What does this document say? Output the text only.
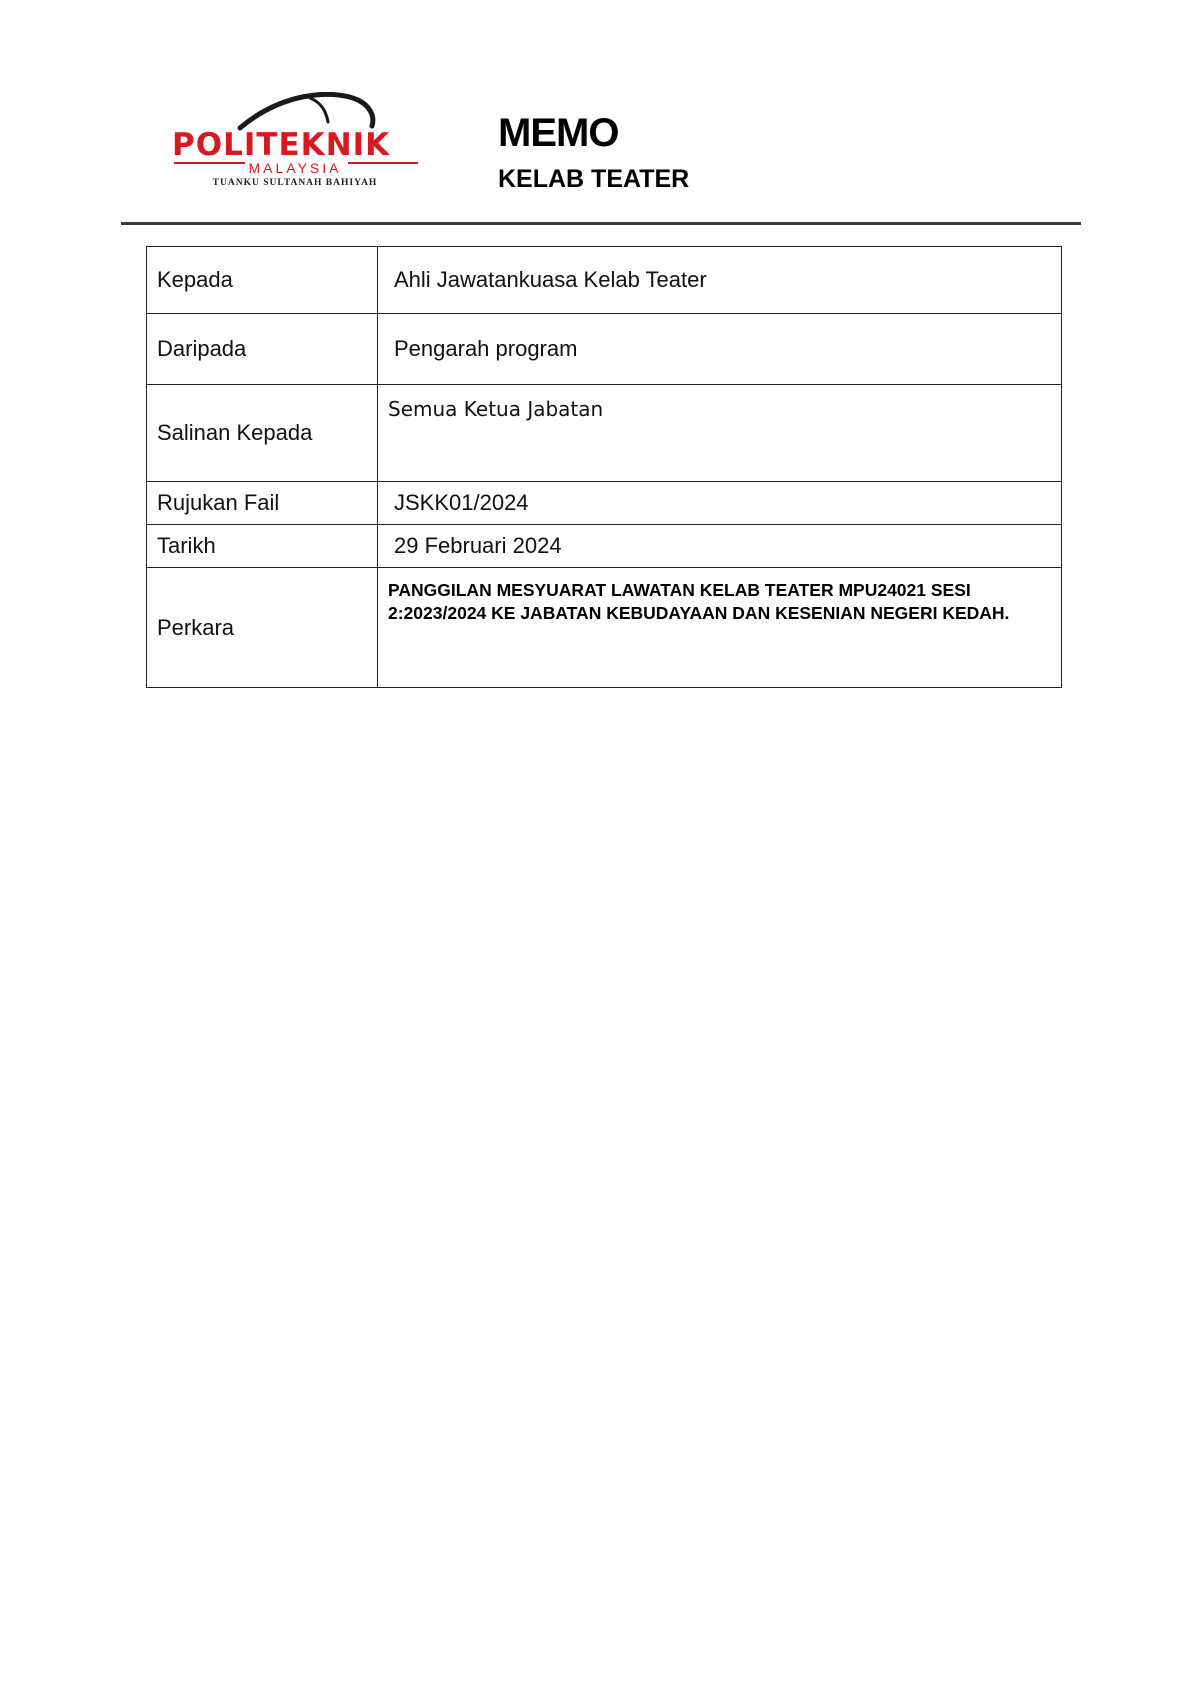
POLITEKNIK
MALAYSIA
TUANKU SULTANAH BAHIYAH
MEMO
KELAB TEATER
Kepada	Ahli Jawatankuasa Kelab Teater
Daripada	Pengarah program
Salinan Kepada	Semua Ketua Jabatan
Rujukan Fail	JSKK01/2024
Tarikh	29 Februari 2024
Perkara	PANGGILAN MESYUARAT LAWATAN KELAB TEATER MPU24021 SESI 2:2023/2024 KE JABATAN KEBUDAYAAN DAN KESENIAN NEGERI KEDAH.
